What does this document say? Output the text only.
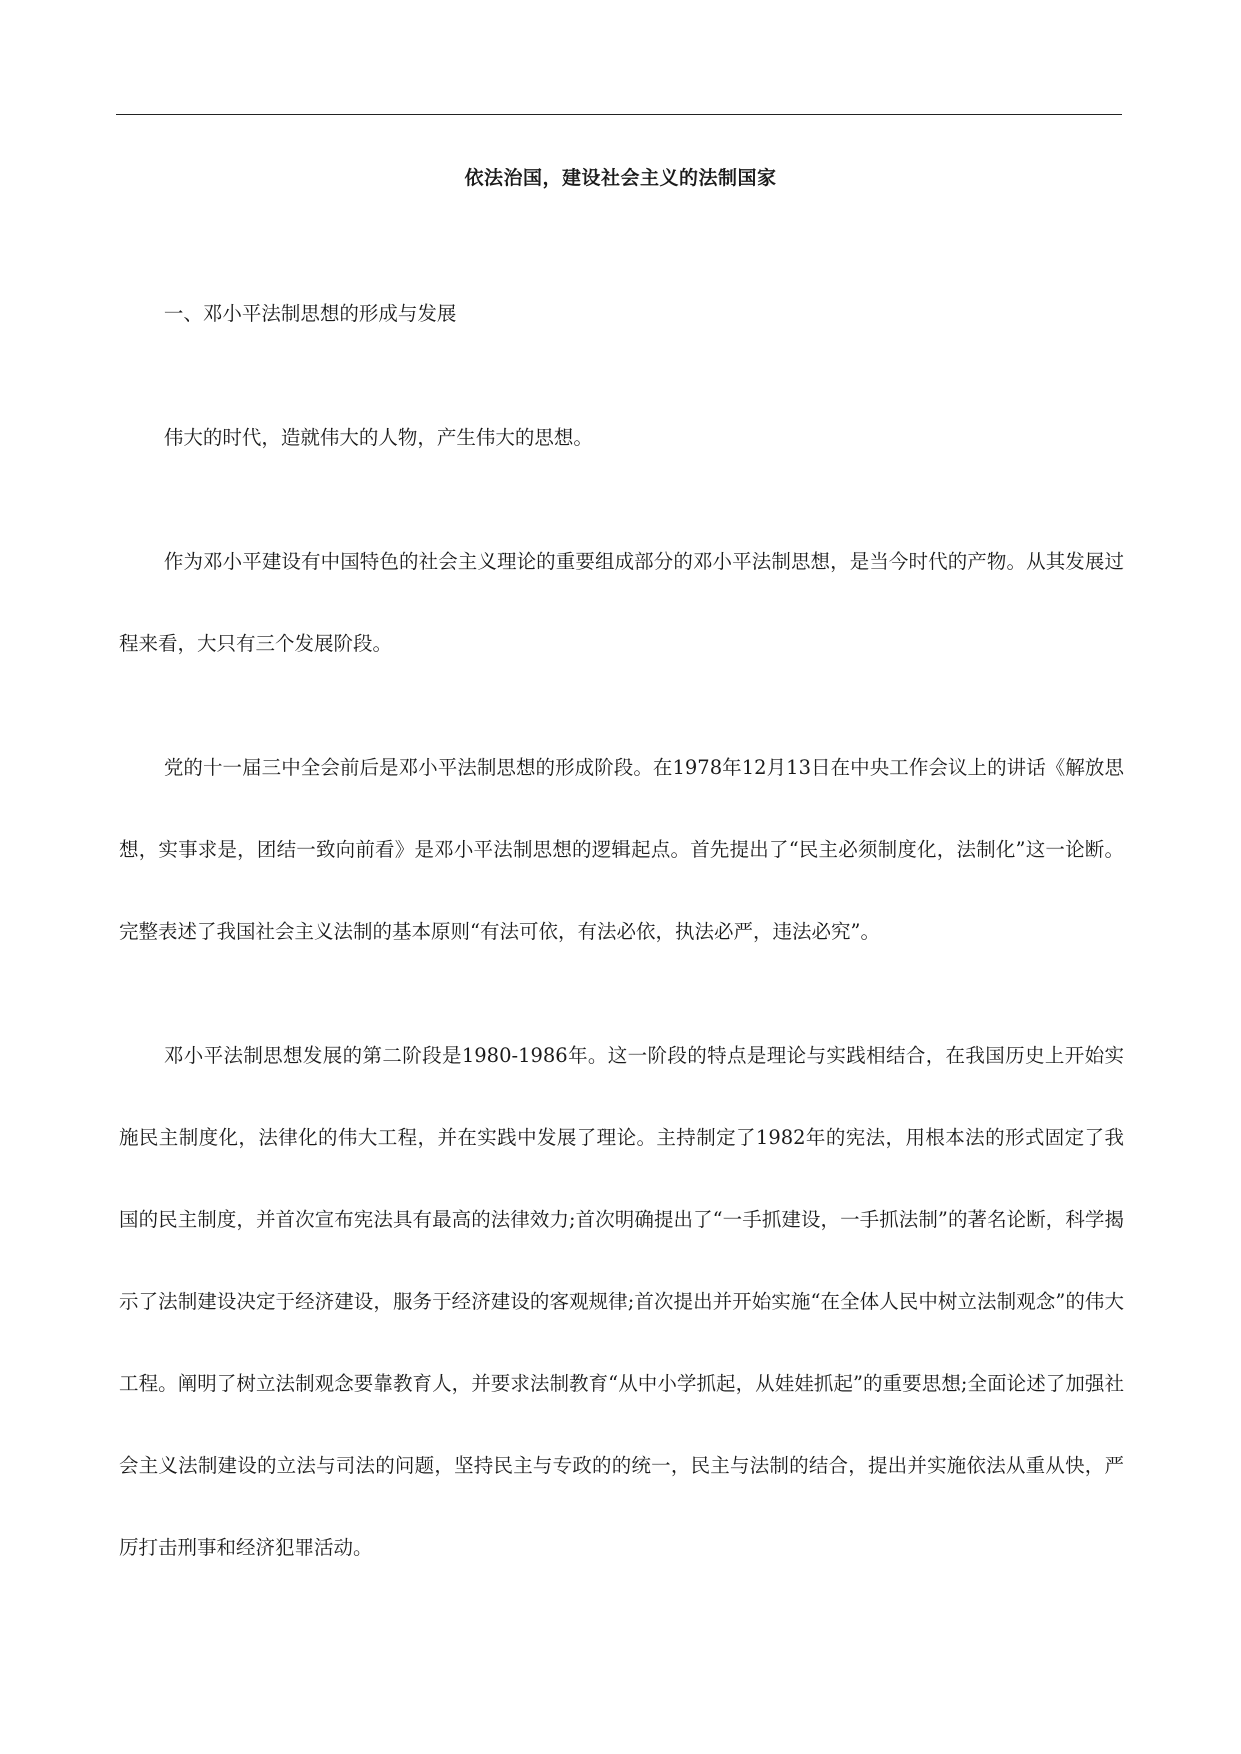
依法治国，建设社会主义的法制国家

一、邓小平法制思想的形成与发展

伟大的时代，造就伟大的人物，产生伟大的思想。

作为邓小平建设有中国特色的社会主义理论的重要组成部分的邓小平法制思想，是当今时代的产物。从其发展过程来看，大只有三个发展阶段。

党的十一届三中全会前后是邓小平法制思想的形成阶段。在1978年12月13日在中央工作会议上的讲话《解放思想，实事求是，团结一致向前看》是邓小平法制思想的逻辑起点。首先提出了“民主必须制度化，法制化”这一论断。完整表述了我国社会主义法制的基本原则“有法可依，有法必依，执法必严，违法必究”。

邓小平法制思想发展的第二阶段是1980-1986年。这一阶段的特点是理论与实践相结合，在我国历史上开始实施民主制度化，法律化的伟大工程，并在实践中发展了理论。主持制定了1982年的宪法，用根本法的形式固定了我国的民主制度，并首次宣布宪法具有最高的法律效力;首次明确提出了“一手抓建设，一手抓法制”的著名论断，科学揭示了法制建设决定于经济建设，服务于经济建设的客观规律;首次提出并开始实施“在全体人民中树立法制观念”的伟大工程。阐明了树立法制观念要靠教育人，并要求法制教育“从中小学抓起，从娃娃抓起”的重要思想;全面论述了加强社会主义法制建设的立法与司法的问题，坚持民主与专政的的统一，民主与法制的结合，提出并实施依法从重从快，严厉打击刑事和经济犯罪活动。
